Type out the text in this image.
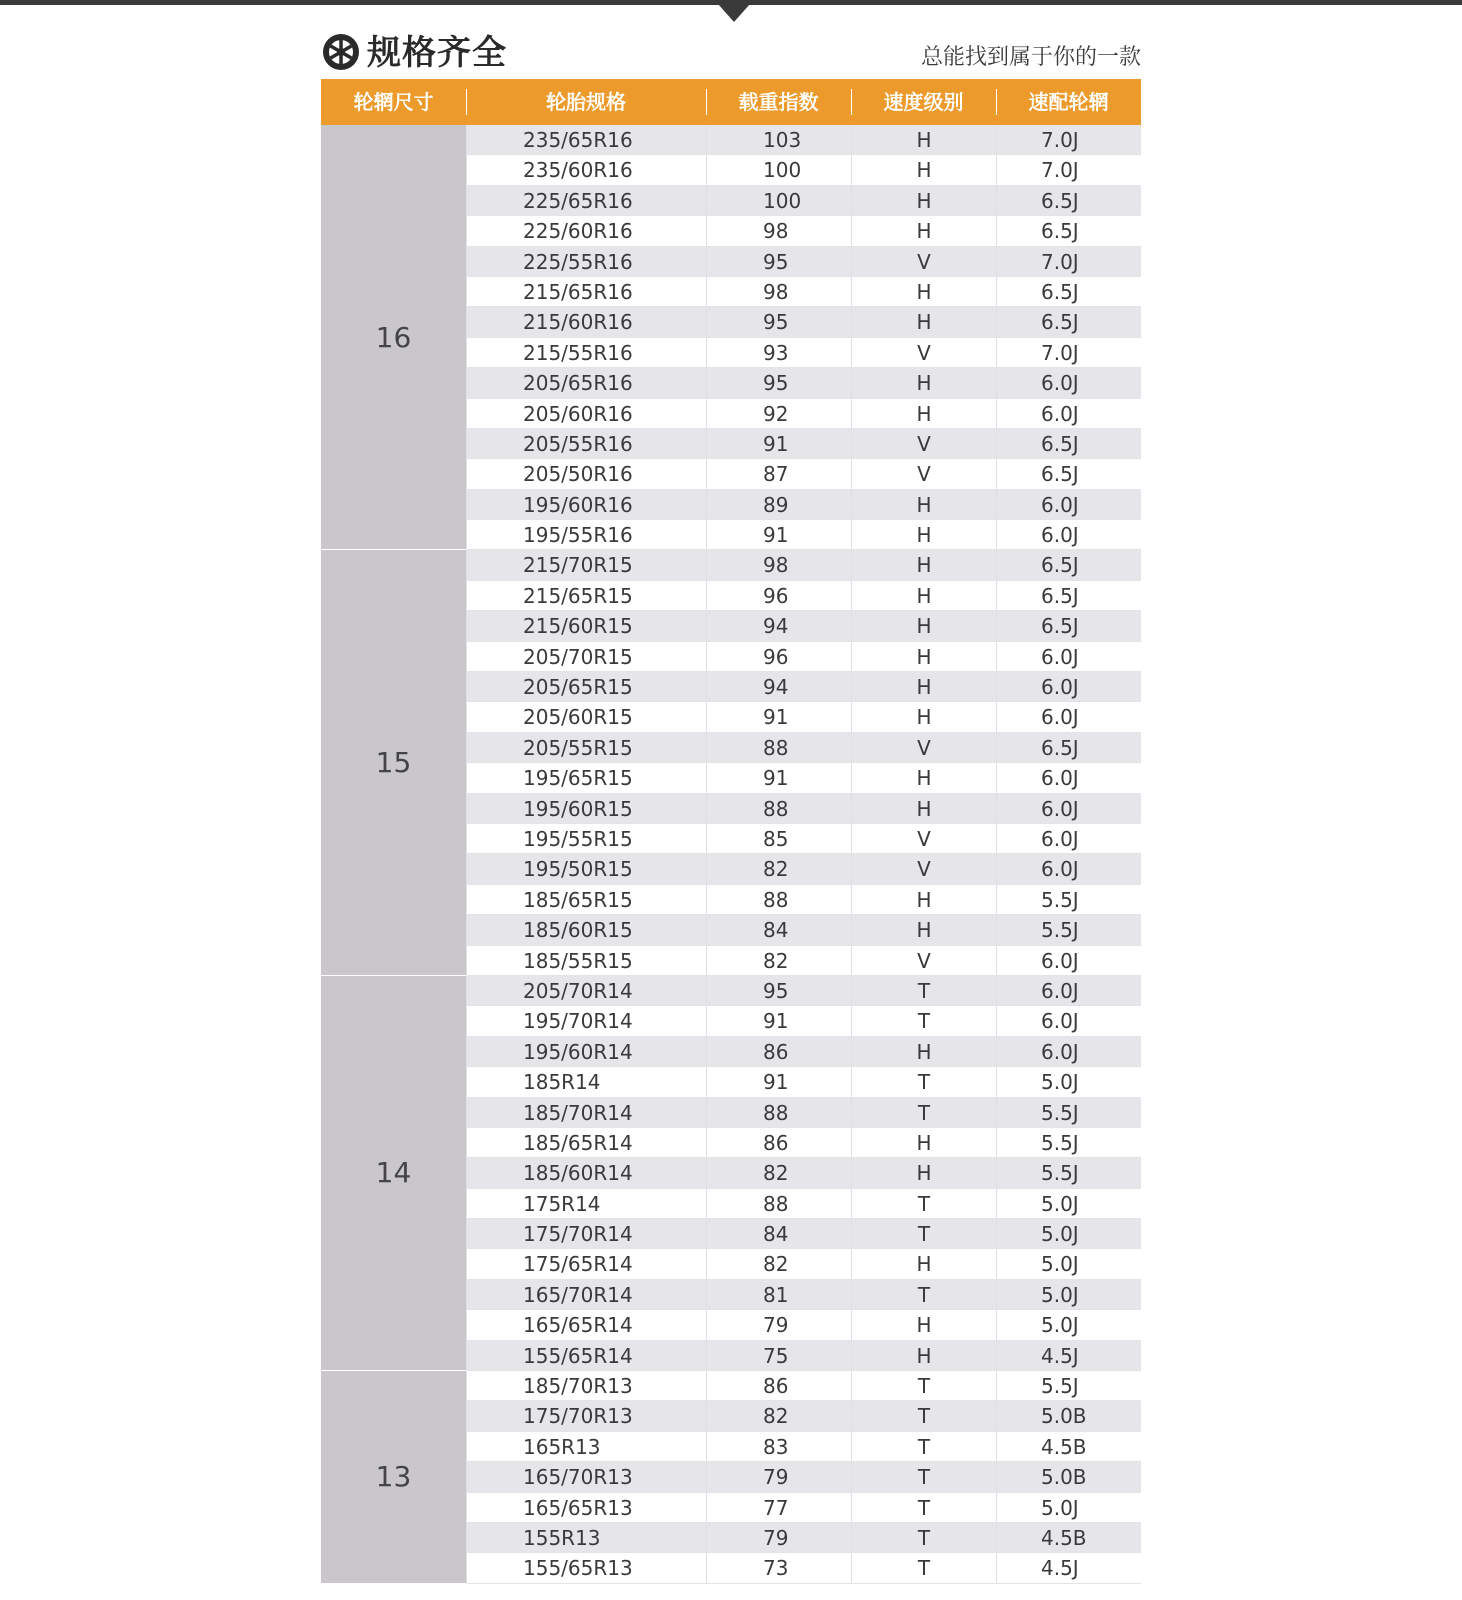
规格齐全	总能找到属于你的一款
轮辋尺寸	轮胎规格	载重指数	速度级别	速配轮辋
16
235/65R16	103	H	7.0J
235/60R16	100	H	7.0J
225/65R16	100	H	6.5J
225/60R16	98	H	6.5J
225/55R16	95	V	7.0J
215/65R16	98	H	6.5J
215/60R16	95	H	6.5J
215/55R16	93	V	7.0J
205/65R16	95	H	6.0J
205/60R16	92	H	6.0J
205/55R16	91	V	6.5J
205/50R16	87	V	6.5J
195/60R16	89	H	6.0J
195/55R16	91	H	6.0J
15
215/70R15	98	H	6.5J
215/65R15	96	H	6.5J
215/60R15	94	H	6.5J
205/70R15	96	H	6.0J
205/65R15	94	H	6.0J
205/60R15	91	H	6.0J
205/55R15	88	V	6.5J
195/65R15	91	H	6.0J
195/60R15	88	H	6.0J
195/55R15	85	V	6.0J
195/50R15	82	V	6.0J
185/65R15	88	H	5.5J
185/60R15	84	H	5.5J
185/55R15	82	V	6.0J
14
205/70R14	95	T	6.0J
195/70R14	91	T	6.0J
195/60R14	86	H	6.0J
185R14	91	T	5.0J
185/70R14	88	T	5.5J
185/65R14	86	H	5.5J
185/60R14	82	H	5.5J
175R14	88	T	5.0J
175/70R14	84	T	5.0J
175/65R14	82	H	5.0J
165/70R14	81	T	5.0J
165/65R14	79	H	5.0J
155/65R14	75	H	4.5J
13
185/70R13	86	T	5.5J
175/70R13	82	T	5.0B
165R13	83	T	4.5B
165/70R13	79	T	5.0B
165/65R13	77	T	5.0J
155R13	79	T	4.5B
155/65R13	73	T	4.5J
